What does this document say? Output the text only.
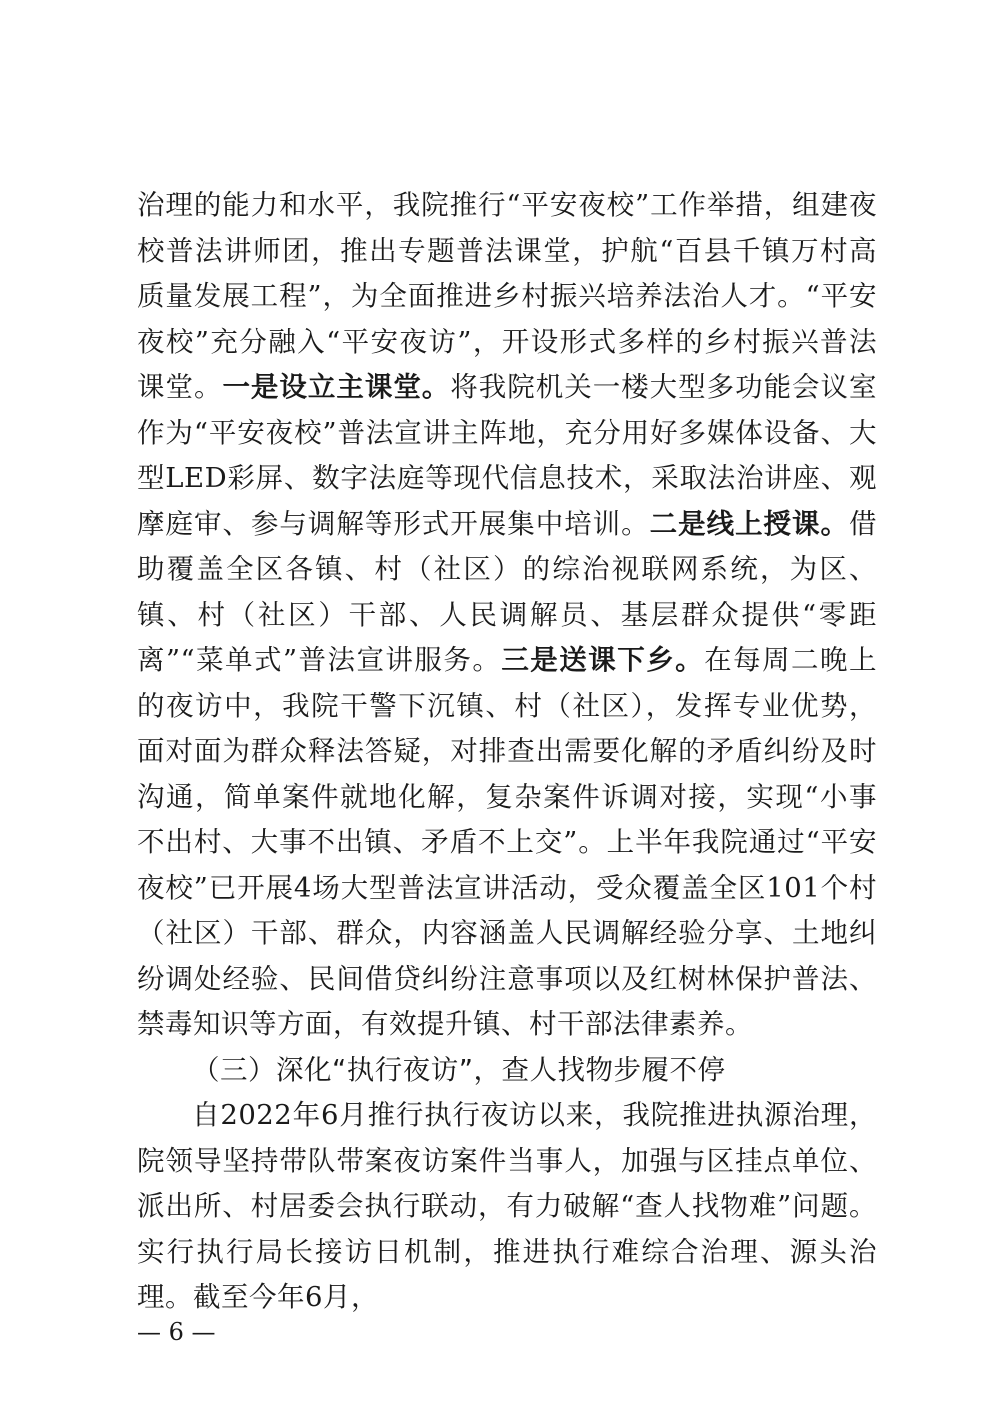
治理的能力和水平，我院推行“平安夜校”工作举措，组建夜校普法讲师团，推出专题普法课堂，护航“百县千镇万村高质量发展工程”，为全面推进乡村振兴培养法治人才。“平安夜校”充分融入“平安夜访”，开设形式多样的乡村振兴普法课堂。一是设立主课堂。将我院机关一楼大型多功能会议室作为“平安夜校”普法宣讲主阵地，充分用好多媒体设备、大型LED彩屏、数字法庭等现代信息技术，采取法治讲座、观摩庭审、参与调解等形式开展集中培训。二是线上授课。借助覆盖全区各镇、村（社区）的综治视联网系统，为区、镇、村（社区）干部、人民调解员、基层群众提供“零距离”“菜单式”普法宣讲服务。三是送课下乡。在每周二晚上的夜访中，我院干警下沉镇、村（社区），发挥专业优势，面对面为群众释法答疑，对排查出需要化解的矛盾纠纷及时沟通，简单案件就地化解，复杂案件诉调对接，实现“小事不出村、大事不出镇、矛盾不上交”。上半年我院通过“平安夜校”已开展4场大型普法宣讲活动，受众覆盖全区101个村（社区）干部、群众，内容涵盖人民调解经验分享、土地纠纷调处经验、民间借贷纠纷注意事项以及红树林保护普法、禁毒知识等方面，有效提升镇、村干部法律素养。

（三）深化“执行夜访”，查人找物步履不停

自2022年6月推行执行夜访以来，我院推进执源治理，院领导坚持带队带案夜访案件当事人，加强与区挂点单位、派出所、村居委会执行联动，有力破解“查人找物难”问题。实行执行局长接访日机制，推进执行难综合治理、源头治理。截至今年6月，

— 6 —
